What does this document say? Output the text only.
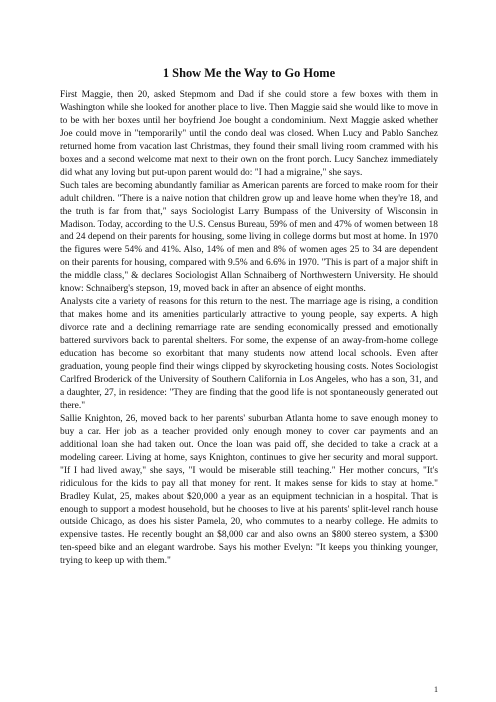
1 Show Me the Way to Go Home

First Maggie, then 20, asked Stepmom and Dad if she could store a few boxes with them in Washington while she looked for another place to live. Then Maggie said she would like to move in to be with her boxes until her boyfriend Joe bought a condominium. Next Maggie asked whether Joe could move in "temporarily" until the condo deal was closed. When Lucy and Pablo Sanchez returned home from vacation last Christmas, they found their small living room crammed with his boxes and a second welcome mat next to their own on the front porch. Lucy Sanchez immediately did what any loving but put-upon parent would do: "I had a migraine," she says.

Such tales are becoming abundantly familiar as American parents are forced to make room for their adult children. "There is a naive notion that children grow up and leave home when they're 18, and the truth is far from that," says Sociologist Larry Bumpass of the University of Wisconsin in Madison. Today, according to the U.S. Census Bureau, 59% of men and 47% of women between 18 and 24 depend on their parents for housing, some living in college dorms but most at home. In 1970 the figures were 54% and 41%. Also, 14% of men and 8% of women ages 25 to 34 are dependent on their parents for housing, compared with 9.5% and 6.6% in 1970. "This is part of a major shift in the middle class," & declares Sociologist Allan Schnaiberg of Northwestern University. He should know: Schnaiberg's stepson, 19, moved back in after an absence of eight months.

Analysts cite a variety of reasons for this return to the nest. The marriage age is rising, a condition that makes home and its amenities particularly attractive to young people, say experts. A high divorce rate and a declining remarriage rate are sending economically pressed and emotionally battered survivors back to parental shelters. For some, the expense of an away-from-home college education has become so exorbitant that many students now attend local schools. Even after graduation, young people find their wings clipped by skyrocketing housing costs. Notes Sociologist Carlfred Broderick of the University of Southern California in Los Angeles, who has a son, 31, and a daughter, 27, in residence: "They are finding that the good life is not spontaneously generated out there."

Sallie Knighton, 26, moved back to her parents' suburban Atlanta home to save enough money to buy a car. Her job as a teacher provided only enough money to cover car payments and an additional loan she had taken out. Once the loan was paid off, she decided to take a crack at a modeling career. Living at home, says Knighton, continues to give her security and moral support. "If I had lived away," she says, "I would be miserable still teaching." Her mother concurs, "It's ridiculous for the kids to pay all that money for rent. It makes sense for kids to stay at home." Bradley Kulat, 25, makes about $20,000 a year as an equipment technician in a hospital. That is enough to support a modest household, but he chooses to live at his parents' split-level ranch house outside Chicago, as does his sister Pamela, 20, who commutes to a nearby college. He admits to expensive tastes. He recently bought an $8,000 car and also owns an $800 stereo system, a $300 ten-speed bike and an elegant wardrobe. Says his mother Evelyn: "It keeps you thinking younger, trying to keep up with them."

1
